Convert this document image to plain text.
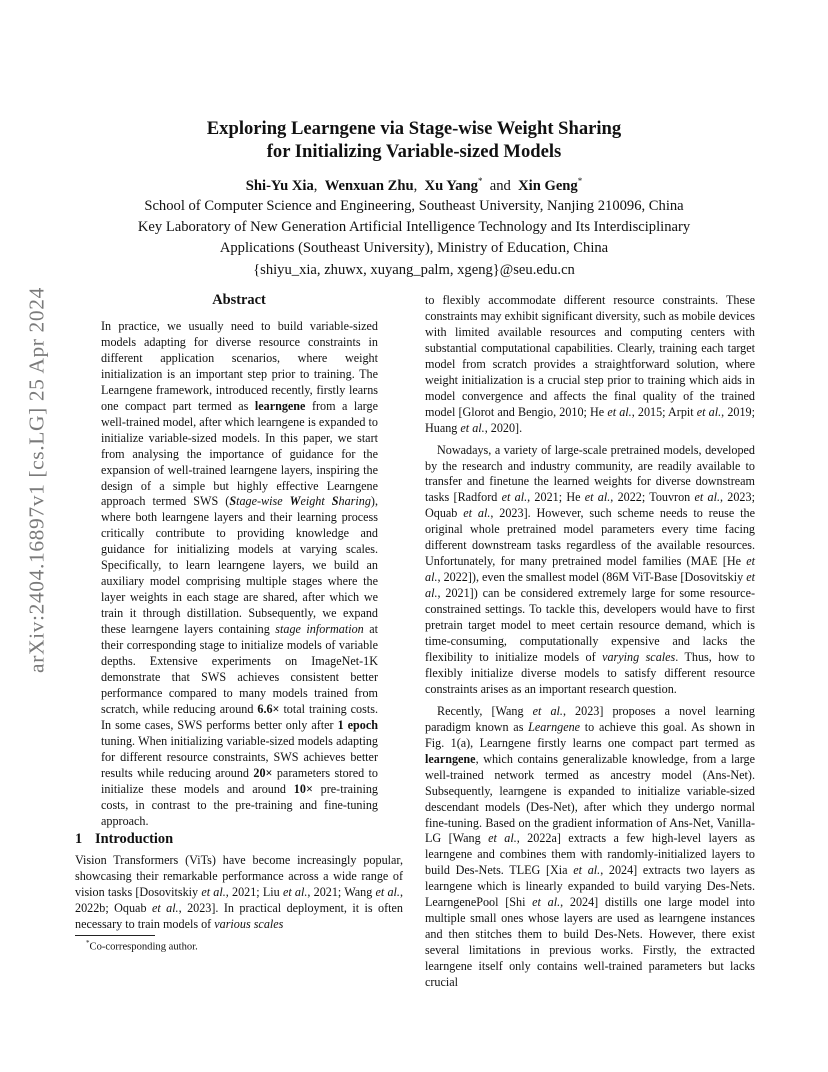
arXiv:2404.16897v1 [cs.LG] 25 Apr 2024
Exploring Learngene via Stage-wise Weight Sharing
for Initializing Variable-sized Models
Shi-Yu Xia, Wenxuan Zhu, Xu Yang* and Xin Geng*
School of Computer Science and Engineering, Southeast University, Nanjing 210096, China
Key Laboratory of New Generation Artificial Intelligence Technology and Its Interdisciplinary
Applications (Southeast University), Ministry of Education, China
{shiyu_xia, zhuwx, xuyang_palm, xgeng}@seu.edu.cn
Abstract

In practice, we usually need to build variable-sized models adapting for diverse resource constraints in different application scenarios, where weight initialization is an important step prior to training. The Learngene framework, introduced recently, firstly learns one compact part termed as learngene from a large well-trained model, after which learngene is expanded to initialize variable-sized models. In this paper, we start from analysing the importance of guidance for the expansion of well-trained learngene layers, inspiring the design of a simple but highly effective Learngene approach termed SWS (Stage-wise Weight Sharing), where both learngene layers and their learning process critically contribute to providing knowledge and guidance for initializing models at varying scales. Specifically, to learn learngene layers, we build an auxiliary model comprising multiple stages where the layer weights in each stage are shared, after which we train it through distillation. Subsequently, we expand these learngene layers containing stage information at their corresponding stage to initialize models of variable depths. Extensive experiments on ImageNet-1K demonstrate that SWS achieves consistent better performance compared to many models trained from scratch, while reducing around 6.6× total training costs. In some cases, SWS performs better only after 1 epoch tuning. When initializing variable-sized models adapting for different resource constraints, SWS achieves better results while reducing around 20× parameters stored to initialize these models and around 10× pre-training costs, in contrast to the pre-training and fine-tuning approach.

1 Introduction

Vision Transformers (ViTs) have become increasingly popular, showcasing their remarkable performance across a wide range of vision tasks [Dosovitskiy et al., 2021; Liu et al., 2021; Wang et al., 2022b; Oquab et al., 2023]. In practical deployment, it is often necessary to train models of various scales

*Co-corresponding author.

to flexibly accommodate different resource constraints. These constraints may exhibit significant diversity, such as mobile devices with limited available resources and computing centers with substantial computational capabilities. Clearly, training each target model from scratch provides a straightforward solution, where weight initialization is a crucial step prior to training which aids in model convergence and affects the final quality of the trained model [Glorot and Bengio, 2010; He et al., 2015; Arpit et al., 2019; Huang et al., 2020].

Nowadays, a variety of large-scale pretrained models, developed by the research and industry community, are readily available to transfer and finetune the learned weights for diverse downstream tasks [Radford et al., 2021; He et al., 2022; Touvron et al., 2023; Oquab et al., 2023]. However, such scheme needs to reuse the original whole pretrained model parameters every time facing different downstream tasks regardless of the available resources. Unfortunately, for many pretrained model families (MAE [He et al., 2022]), even the smallest model (86M ViT-Base [Dosovitskiy et al., 2021]) can be considered extremely large for some resource-constrained settings. To tackle this, developers would have to first pretrain target model to meet certain resource demand, which is time-consuming, computationally expensive and lacks the flexibility to initialize models of varying scales. Thus, how to flexibly initialize diverse models to satisfy different resource constraints arises as an important research question.

Recently, [Wang et al., 2023] proposes a novel learning paradigm known as Learngene to achieve this goal. As shown in Fig. 1(a), Learngene firstly learns one compact part termed as learngene, which contains generalizable knowledge, from a large well-trained network termed as ancestry model (Ans-Net). Subsequently, learngene is expanded to initialize variable-sized descendant models (Des-Net), after which they undergo normal fine-tuning. Based on the gradient information of Ans-Net, Vanilla-LG [Wang et al., 2022a] extracts a few high-level layers as learngene and combines them with randomly-initialized layers to build Des-Nets. TLEG [Xia et al., 2024] extracts two layers as learngene which is linearly expanded to build varying Des-Nets. LearngenePool [Shi et al., 2024] distills one large model into multiple small ones whose layers are used as learngene instances and then stitches them to build Des-Nets. However, there exist several limitations in previous works. Firstly, the extracted learngene itself only contains well-trained parameters but lacks crucial
